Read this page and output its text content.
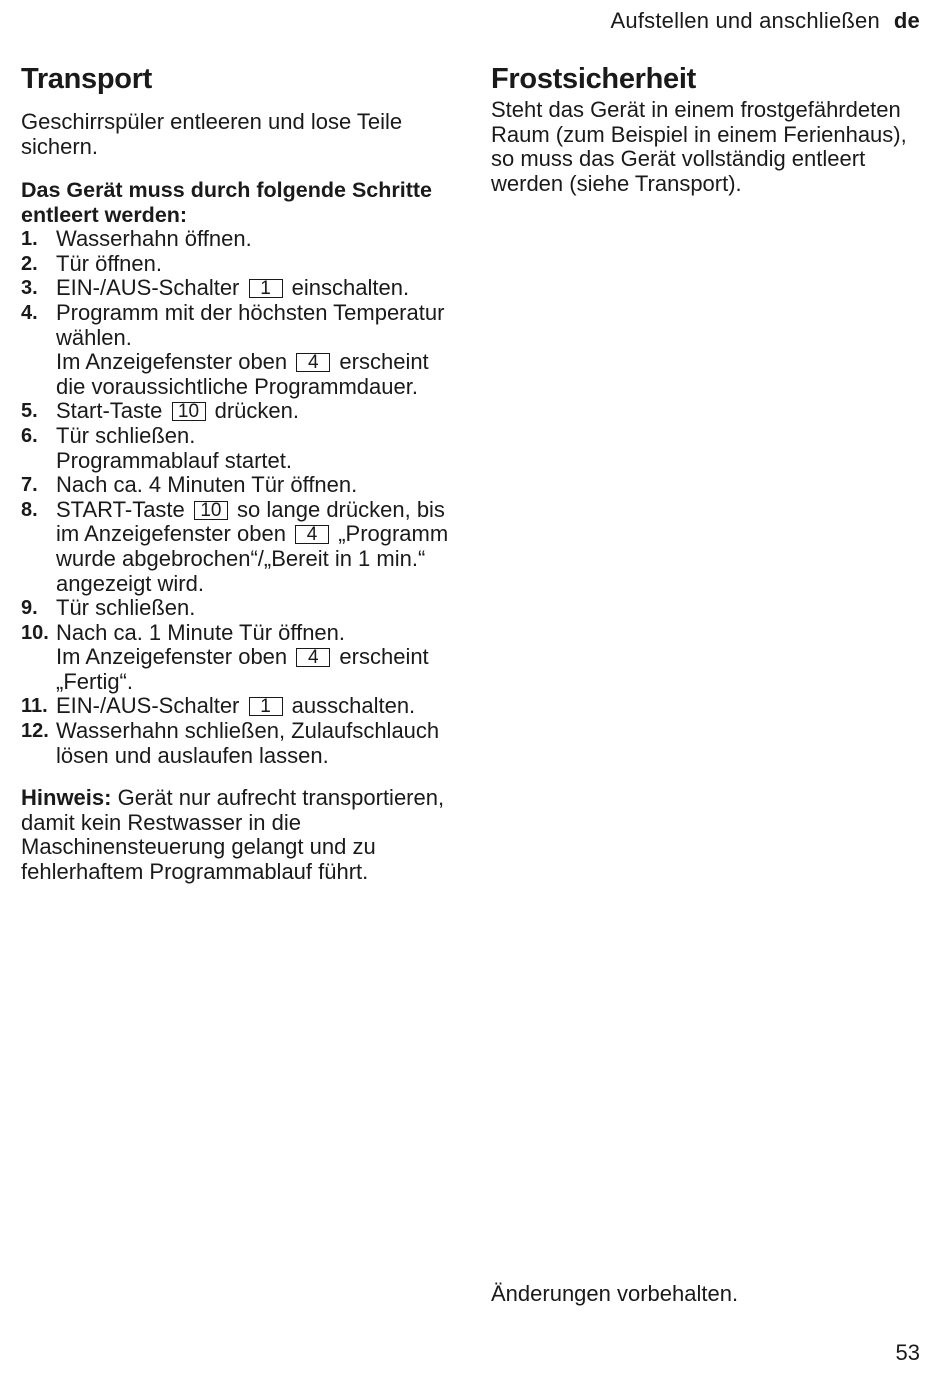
Aufstellen und anschließen de
Transport

Geschirrspüler entleeren und lose Teile sichern.

Das Gerät muss durch folgende Schritte entleert werden:

1. Wasserhahn öffnen.
2. Tür öffnen.
3. EIN-/AUS-Schalter 1 einschalten.
4. Programm mit der höchsten Temperatur wählen.
Im Anzeigefenster oben 4 erscheint die voraussichtliche Programmdauer.
5. Start-Taste 10 drücken.
6. Tür schließen.
Programmablauf startet.
7. Nach ca. 4 Minuten Tür öffnen.
8. START-Taste 10 so lange drücken, bis im Anzeigefenster oben 4 „Programm wurde abgebrochen“/„Bereit in 1 min.“ angezeigt wird.
9. Tür schließen.
10. Nach ca. 1 Minute Tür öffnen.
Im Anzeigefenster oben 4 erscheint „Fertig“.
11. EIN-/AUS-Schalter 1 ausschalten.
12. Wasserhahn schließen, Zulaufschlauch lösen und auslaufen lassen.

Hinweis: Gerät nur aufrecht transportieren, damit kein Restwasser in die Maschinensteuerung gelangt und zu fehlerhaftem Programmablauf führt.

Frostsicherheit

Steht das Gerät in einem frostgefährdeten Raum (zum Beispiel in einem Ferienhaus), so muss das Gerät vollständig entleert werden (siehe Transport).

Änderungen vorbehalten.
53
